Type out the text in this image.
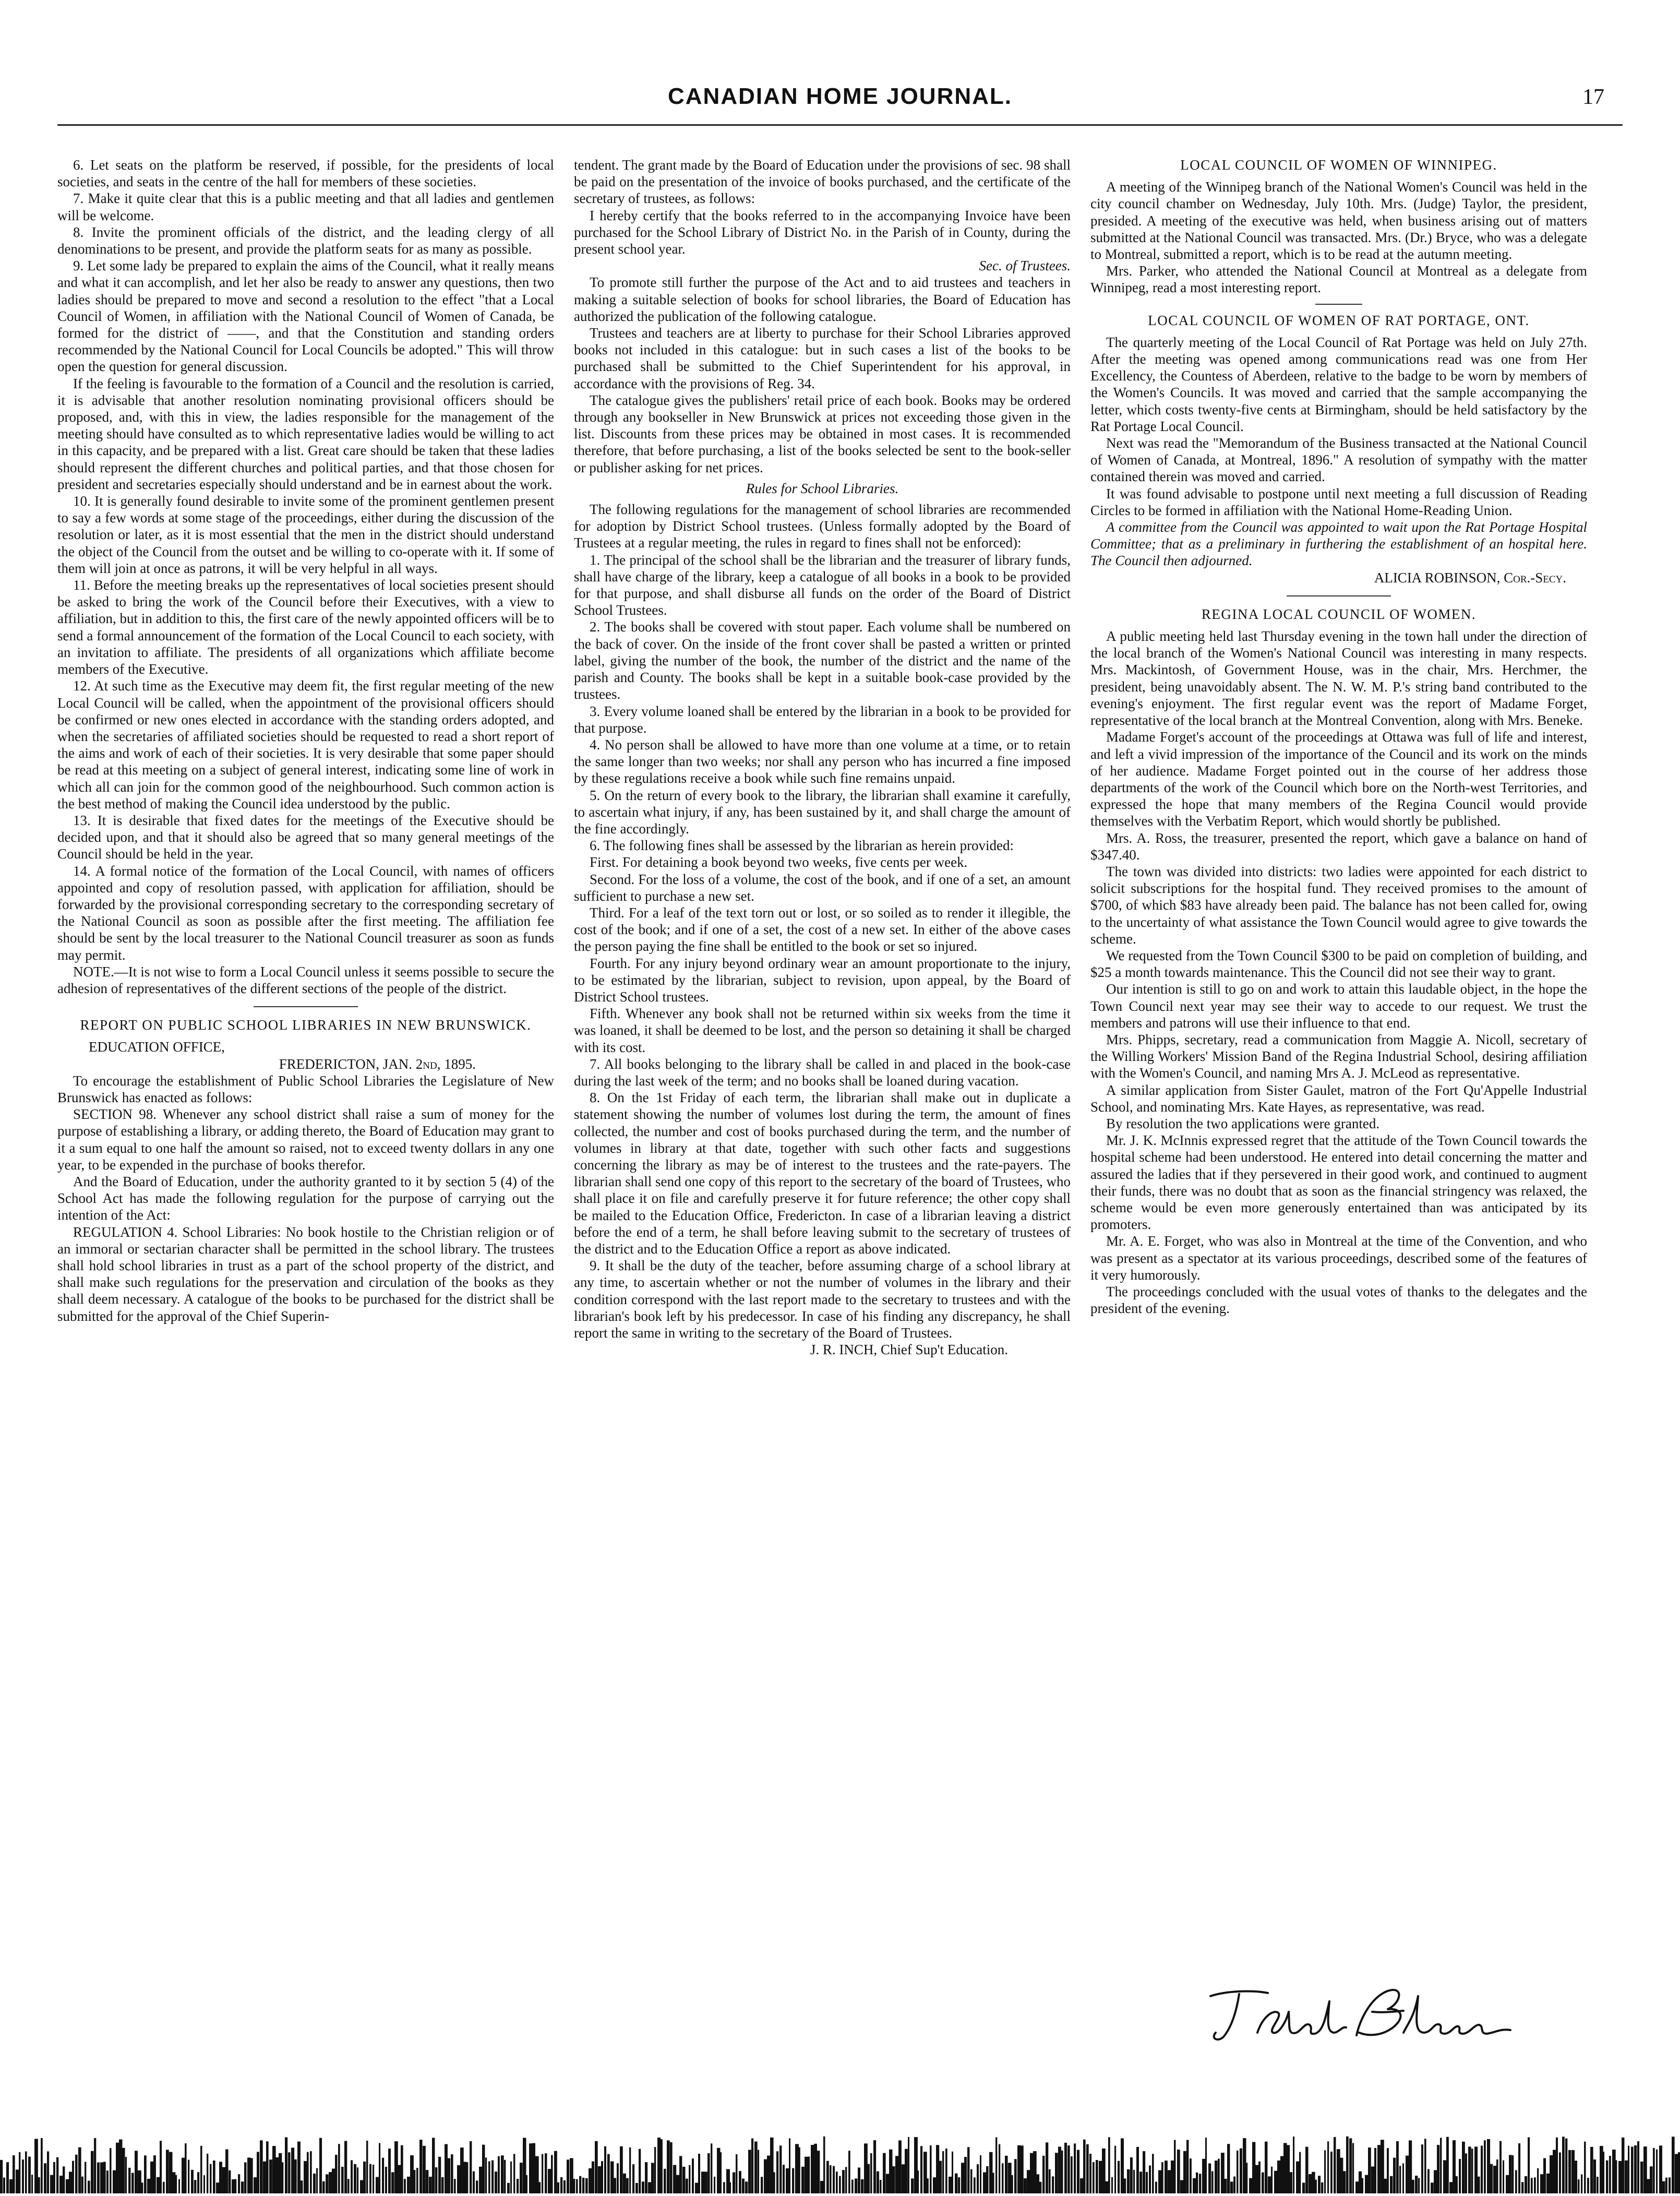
CANADIAN HOME JOURNAL.	17

6. Let seats on the platform be reserved, if possible, for the presidents of local societies, and seats in the centre of the hall for members of these societies.

7. Make it quite clear that this is a public meeting and that all ladies and gentlemen will be welcome.

8. Invite the prominent officials of the district, and the leading clergy of all denominations to be present, and provide the platform seats for as many as possible.

9. Let some lady be prepared to explain the aims of the Council, what it really means and what it can accomplish, and let her also be ready to answer any questions, then two ladies should be prepared to move and second a resolution to the effect "that a Local Council of Women, in affiliation with the National Council of Women of Canada, be formed for the district of ——, and that the Constitution and standing orders recommended by the National Council for Local Councils be adopted." This will throw open the question for general discussion.

If the feeling is favourable to the formation of a Council and the resolution is carried, it is advisable that another resolution nominating provisional officers should be proposed, and, with this in view, the ladies responsible for the management of the meeting should have consulted as to which representative ladies would be willing to act in this capacity, and be prepared with a list. Great care should be taken that these ladies should represent the different churches and political parties, and that those chosen for president and secretaries especially should understand and be in earnest about the work.

10. It is generally found desirable to invite some of the prominent gentlemen present to say a few words at some stage of the proceedings, either during the discussion of the resolution or later, as it is most essential that the men in the district should understand the object of the Council from the outset and be willing to co-operate with it. If some of them will join at once as patrons, it will be very helpful in all ways.

11. Before the meeting breaks up the representatives of local societies present should be asked to bring the work of the Council before their Executives, with a view to affiliation, but in addition to this, the first care of the newly appointed officers will be to send a formal announcement of the formation of the Local Council to each society, with an invitation to affiliate. The presidents of all organizations which affiliate become members of the Executive.

12. At such time as the Executive may deem fit, the first regular meeting of the new Local Council will be called, when the appointment of the provisional officers should be confirmed or new ones elected in accordance with the standing orders adopted, and when the secretaries of affiliated societies should be requested to read a short report of the aims and work of each of their societies. It is very desirable that some paper should be read at this meeting on a subject of general interest, indicating some line of work in which all can join for the common good of the neighbourhood. Such common action is the best method of making the Council idea understood by the public.

13. It is desirable that fixed dates for the meetings of the Executive should be decided upon, and that it should also be agreed that so many general meetings of the Council should be held in the year.

14. A formal notice of the formation of the Local Council, with names of officers appointed and copy of resolution passed, with application for affiliation, should be forwarded by the provisional corresponding secretary to the corresponding secretary of the National Council as soon as possible after the first meeting. The affiliation fee should be sent by the local treasurer to the National Council treasurer as soon as funds may permit.

NOTE.—It is not wise to form a Local Council unless it seems possible to secure the adhesion of representatives of the different sections of the people of the district.

REPORT ON PUBLIC SCHOOL LIBRARIES IN NEW BRUNSWICK.

EDUCATION OFFICE,

FREDERICTON, JAN. 2nd, 1895.

To encourage the establishment of Public School Libraries the Legislature of New Brunswick has enacted as follows:

SECTION 98. Whenever any school district shall raise a sum of money for the purpose of establishing a library, or adding thereto, the Board of Education may grant to it a sum equal to one half the amount so raised, not to exceed twenty dollars in any one year, to be expended in the purchase of books therefor.

And the Board of Education, under the authority granted to it by section 5 (4) of the School Act has made the following regulation for the purpose of carrying out the intention of the Act:

REGULATION 4. School Libraries: No book hostile to the Christian religion or of an immoral or sectarian character shall be permitted in the school library. The trustees shall hold school libraries in trust as a part of the school property of the district, and shall make such regulations for the preservation and circulation of the books as they shall deem necessary. A catalogue of the books to be purchased for the district shall be submitted for the approval of the Chief Superin-

tendent. The grant made by the Board of Education under the provisions of sec. 98 shall be paid on the presentation of the invoice of books purchased, and the certificate of the secretary of trustees, as follows:

I hereby certify that the books referred to in the accompanying Invoice have been purchased for the School Library of District No. in the Parish of in County, during the present school year.

Sec. of Trustees.

To promote still further the purpose of the Act and to aid trustees and teachers in making a suitable selection of books for school libraries, the Board of Education has authorized the publication of the following catalogue.

Trustees and teachers are at liberty to purchase for their School Libraries approved books not included in this catalogue: but in such cases a list of the books to be purchased shall be submitted to the Chief Superintendent for his approval, in accordance with the provisions of Reg. 34.

The catalogue gives the publishers' retail price of each book. Books may be ordered through any bookseller in New Brunswick at prices not exceeding those given in the list. Discounts from these prices may be obtained in most cases. It is recommended therefore, that before purchasing, a list of the books selected be sent to the book-seller or publisher asking for net prices.

Rules for School Libraries.

The following regulations for the management of school libraries are recommended for adoption by District School trustees. (Unless formally adopted by the Board of Trustees at a regular meeting, the rules in regard to fines shall not be enforced):

1. The principal of the school shall be the librarian and the treasurer of library funds, shall have charge of the library, keep a catalogue of all books in a book to be provided for that purpose, and shall disburse all funds on the order of the Board of District School Trustees.

2. The books shall be covered with stout paper. Each volume shall be numbered on the back of cover. On the inside of the front cover shall be pasted a written or printed label, giving the number of the book, the number of the district and the name of the parish and County. The books shall be kept in a suitable book-case provided by the trustees.

3. Every volume loaned shall be entered by the librarian in a book to be provided for that purpose.

4. No person shall be allowed to have more than one volume at a time, or to retain the same longer than two weeks; nor shall any person who has incurred a fine imposed by these regulations receive a book while such fine remains unpaid.

5. On the return of every book to the library, the librarian shall examine it carefully, to ascertain what injury, if any, has been sustained by it, and shall charge the amount of the fine accordingly.

6. The following fines shall be assessed by the librarian as herein provided:

First. For detaining a book beyond two weeks, five cents per week.

Second. For the loss of a volume, the cost of the book, and if one of a set, an amount sufficient to purchase a new set.

Third. For a leaf of the text torn out or lost, or so soiled as to render it illegible, the cost of the book; and if one of a set, the cost of a new set. In either of the above cases the person paying the fine shall be entitled to the book or set so injured.

Fourth. For any injury beyond ordinary wear an amount proportionate to the injury, to be estimated by the librarian, subject to revision, upon appeal, by the Board of District School trustees.

Fifth. Whenever any book shall not be returned within six weeks from the time it was loaned, it shall be deemed to be lost, and the person so detaining it shall be charged with its cost.

7. All books belonging to the library shall be called in and placed in the book-case during the last week of the term; and no books shall be loaned during vacation.

8. On the 1st Friday of each term, the librarian shall make out in duplicate a statement showing the number of volumes lost during the term, the amount of fines collected, the number and cost of books purchased during the term, and the number of volumes in library at that date, together with such other facts and suggestions concerning the library as may be of interest to the trustees and the rate-payers. The librarian shall send one copy of this report to the secretary of the board of Trustees, who shall place it on file and carefully preserve it for future reference; the other copy shall be mailed to the Education Office, Fredericton. In case of a librarian leaving a district before the end of a term, he shall before leaving submit to the secretary of trustees of the district and to the Education Office a report as above indicated.

9. It shall be the duty of the teacher, before assuming charge of a school library at any time, to ascertain whether or not the number of volumes in the library and their condition correspond with the last report made to the secretary to trustees and with the librarian's book left by his predecessor. In case of his finding any discrepancy, he shall report the same in writing to the secretary of the Board of Trustees.

J. R. INCH, Chief Sup't Education.

LOCAL COUNCIL OF WOMEN OF WINNIPEG.

A meeting of the Winnipeg branch of the National Women's Council was held in the city council chamber on Wednesday, July 10th. Mrs. (Judge) Taylor, the president, presided. A meeting of the executive was held, when business arising out of matters submitted at the National Council was transacted. Mrs. (Dr.) Bryce, who was a delegate to Montreal, submitted a report, which is to be read at the autumn meeting.

Mrs. Parker, who attended the National Council at Montreal as a delegate from Winnipeg, read a most interesting report.

LOCAL COUNCIL OF WOMEN OF RAT PORTAGE, ONT.

The quarterly meeting of the Local Council of Rat Portage was held on July 27th. After the meeting was opened among communications read was one from Her Excellency, the Countess of Aberdeen, relative to the badge to be worn by members of the Women's Councils. It was moved and carried that the sample accompanying the letter, which costs twenty-five cents at Birmingham, should be held satisfactory by the Rat Portage Local Council.

Next was read the "Memorandum of the Business transacted at the National Council of Women of Canada, at Montreal, 1896." A resolution of sympathy with the matter contained therein was moved and carried.

It was found advisable to postpone until next meeting a full discussion of Reading Circles to be formed in affiliation with the National Home-Reading Union.

A committee from the Council was appointed to wait upon the Rat Portage Hospital Committee; that as a preliminary in furthering the establishment of an hospital here. The Council then adjourned.

ALICIA ROBINSON, Cor.-Secy.

REGINA LOCAL COUNCIL OF WOMEN.

A public meeting held last Thursday evening in the town hall under the direction of the local branch of the Women's National Council was interesting in many respects. Mrs. Mackintosh, of Government House, was in the chair, Mrs. Herchmer, the president, being unavoidably absent. The N. W. M. P.'s string band contributed to the evening's enjoyment. The first regular event was the report of Madame Forget, representative of the local branch at the Montreal Convention, along with Mrs. Beneke.

Madame Forget's account of the proceedings at Ottawa was full of life and interest, and left a vivid impression of the importance of the Council and its work on the minds of her audience. Madame Forget pointed out in the course of her address those departments of the work of the Council which bore on the North-west Territories, and expressed the hope that many members of the Regina Council would provide themselves with the Verbatim Report, which would shortly be published.

Mrs. A. Ross, the treasurer, presented the report, which gave a balance on hand of $347.40.

The town was divided into districts: two ladies were appointed for each district to solicit subscriptions for the hospital fund. They received promises to the amount of $700, of which $83 have already been paid. The balance has not been called for, owing to the uncertainty of what assistance the Town Council would agree to give towards the scheme.

We requested from the Town Council $300 to be paid on completion of building, and $25 a month towards maintenance. This the Council did not see their way to grant.

Our intention is still to go on and work to attain this laudable object, in the hope the Town Council next year may see their way to accede to our request. We trust the members and patrons will use their influence to that end.

Mrs. Phipps, secretary, read a communication from Maggie A. Nicoll, secretary of the Willing Workers' Mission Band of the Regina Industrial School, desiring affiliation with the Women's Council, and naming Mrs A. J. McLeod as representative.

A similar application from Sister Gaulet, matron of the Fort Qu'Appelle Industrial School, and nominating Mrs. Kate Hayes, as representative, was read.

By resolution the two applications were granted.

Mr. J. K. McInnis expressed regret that the attitude of the Town Council towards the hospital scheme had been understood. He entered into detail concerning the matter and assured the ladies that if they persevered in their good work, and continued to augment their funds, there was no doubt that as soon as the financial stringency was relaxed, the scheme would be even more generously entertained than was anticipated by its promoters.

Mr. A. E. Forget, who was also in Montreal at the time of the Convention, and who was present as a spectator at its various proceedings, described some of the features of it very humorously.

The proceedings concluded with the usual votes of thanks to the delegates and the president of the evening.
